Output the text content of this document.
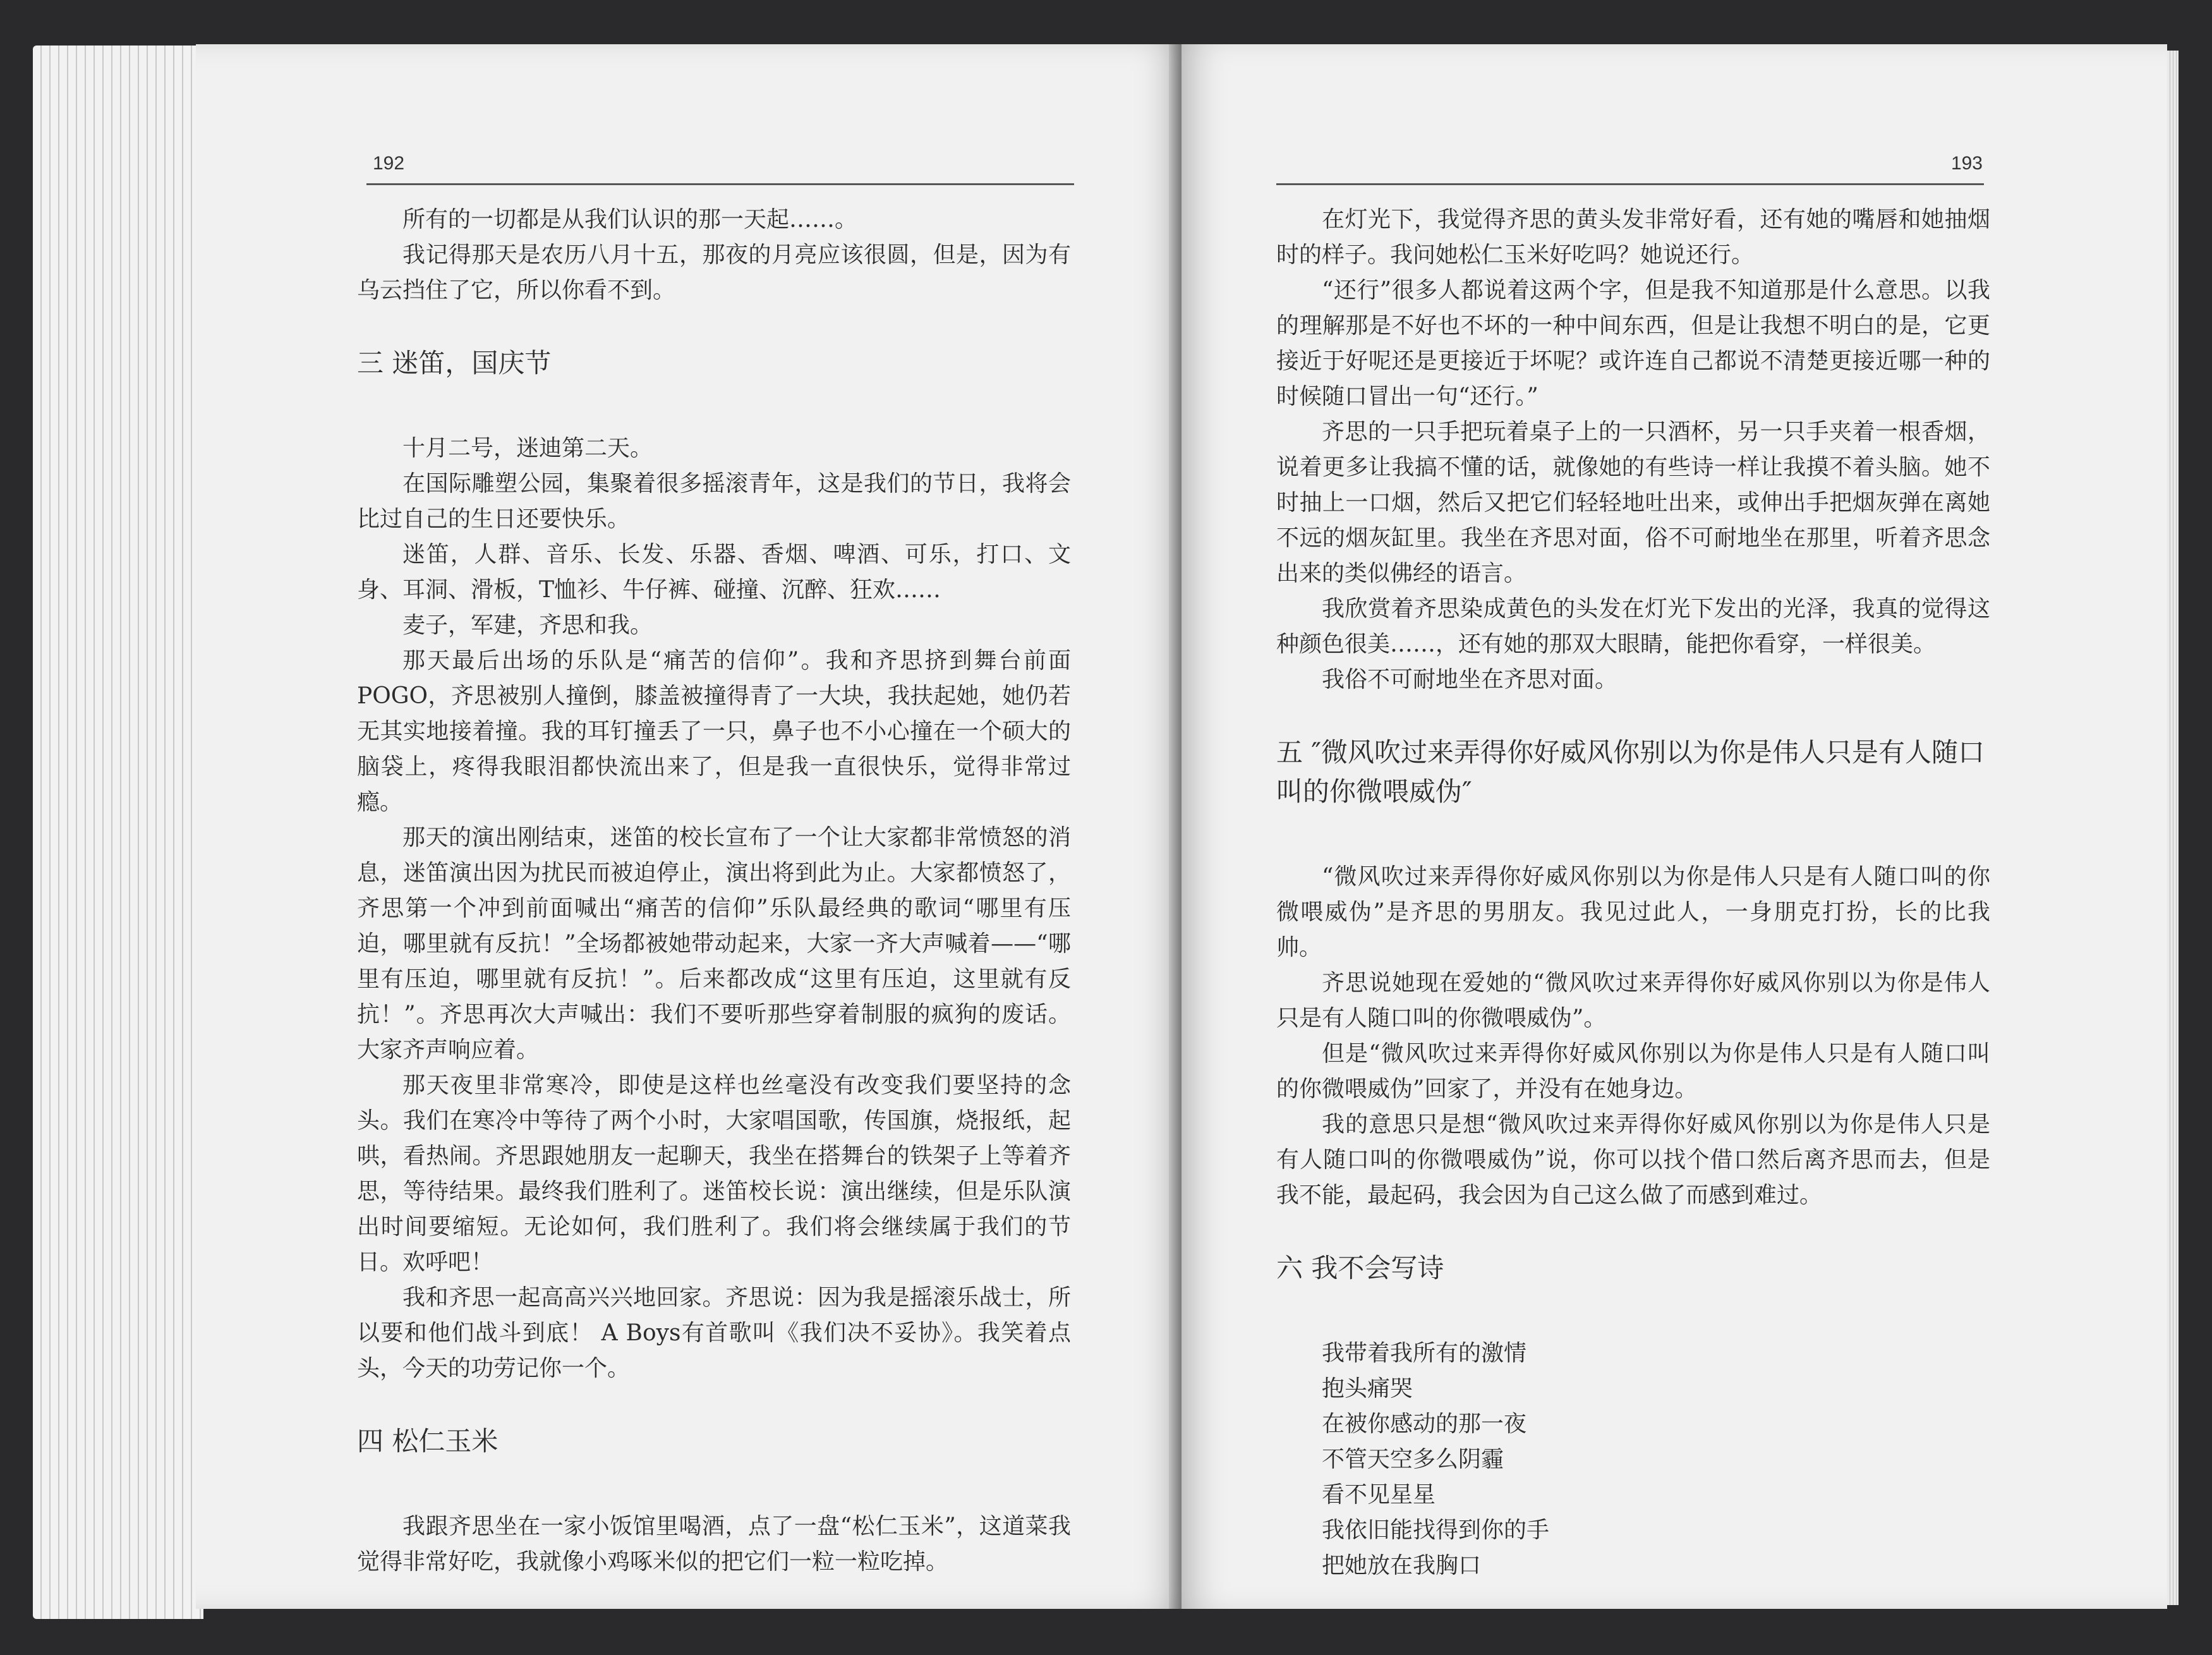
192

所有的一切都是从我们认识的那一天起……。

我记得那天是农历八月十五，那夜的月亮应该很圆，但是，因为有乌云挡住了它，所以你看不到。

三 迷笛，国庆节

十月二号，迷迪第二天。

在国际雕塑公园，集聚着很多摇滚青年，这是我们的节日，我将会比过自己的生日还要快乐。

迷笛，人群、音乐、长发、乐器、香烟、啤酒、可乐，打口、文身、耳洞、滑板，T恤衫、牛仔裤、碰撞、沉醉、狂欢……

麦子，军建，齐思和我。

那天最后出场的乐队是“痛苦的信仰”。我和齐思挤到舞台前面POGO，齐思被别人撞倒，膝盖被撞得青了一大块，我扶起她，她仍若无其实地接着撞。我的耳钉撞丢了一只，鼻子也不小心撞在一个硕大的脑袋上，疼得我眼泪都快流出来了，但是我一直很快乐，觉得非常过瘾。

那天的演出刚结束，迷笛的校长宣布了一个让大家都非常愤怒的消息，迷笛演出因为扰民而被迫停止，演出将到此为止。大家都愤怒了，齐思第一个冲到前面喊出“痛苦的信仰”乐队最经典的歌词“哪里有压迫，哪里就有反抗！”全场都被她带动起来，大家一齐大声喊着——“哪里有压迫，哪里就有反抗！”。后来都改成“这里有压迫，这里就有反抗！”。齐思再次大声喊出：我们不要听那些穿着制服的疯狗的废话。大家齐声响应着。

那天夜里非常寒冷，即使是这样也丝毫没有改变我们要坚持的念头。我们在寒冷中等待了两个小时，大家唱国歌，传国旗，烧报纸，起哄，看热闹。齐思跟她朋友一起聊天，我坐在搭舞台的铁架子上等着齐思，等待结果。最终我们胜利了。迷笛校长说：演出继续，但是乐队演出时间要缩短。无论如何，我们胜利了。我们将会继续属于我们的节日。欢呼吧！

我和齐思一起高高兴兴地回家。齐思说：因为我是摇滚乐战士，所以要和他们战斗到底！ A Boys有首歌叫《我们决不妥协》。我笑着点头，今天的功劳记你一个。

四 松仁玉米

我跟齐思坐在一家小饭馆里喝酒，点了一盘“松仁玉米”，这道菜我觉得非常好吃，我就像小鸡啄米似的把它们一粒一粒吃掉。

193

在灯光下，我觉得齐思的黄头发非常好看，还有她的嘴唇和她抽烟时的样子。我问她松仁玉米好吃吗？她说还行。

“还行”很多人都说着这两个字，但是我不知道那是什么意思。以我的理解那是不好也不坏的一种中间东西，但是让我想不明白的是，它更接近于好呢还是更接近于坏呢？或许连自己都说不清楚更接近哪一种的时候随口冒出一句“还行。”

齐思的一只手把玩着桌子上的一只酒杯，另一只手夹着一根香烟，说着更多让我搞不懂的话，就像她的有些诗一样让我摸不着头脑。她不时抽上一口烟，然后又把它们轻轻地吐出来，或伸出手把烟灰弹在离她不远的烟灰缸里。我坐在齐思对面，俗不可耐地坐在那里，听着齐思念出来的类似佛经的语言。

我欣赏着齐思染成黄色的头发在灯光下发出的光泽，我真的觉得这种颜色很美……，还有她的那双大眼睛，能把你看穿，一样很美。

我俗不可耐地坐在齐思对面。

五 ″微风吹过来弄得你好威风你别以为你是伟人只是有人随口叫的你微喂威伪″

“微风吹过来弄得你好威风你别以为你是伟人只是有人随口叫的你微喂威伪”是齐思的男朋友。我见过此人，一身朋克打扮，长的比我帅。

齐思说她现在爱她的“微风吹过来弄得你好威风你别以为你是伟人只是有人随口叫的你微喂威伪”。

但是“微风吹过来弄得你好威风你别以为你是伟人只是有人随口叫的你微喂威伪”回家了，并没有在她身边。

我的意思只是想“微风吹过来弄得你好威风你别以为你是伟人只是有人随口叫的你微喂威伪”说，你可以找个借口然后离齐思而去，但是我不能，最起码，我会因为自己这么做了而感到难过。

六 我不会写诗
我带着我所有的激情
抱头痛哭
在被你感动的那一夜
不管天空多么阴霾
看不见星星
我依旧能找得到你的手
把她放在我胸口
